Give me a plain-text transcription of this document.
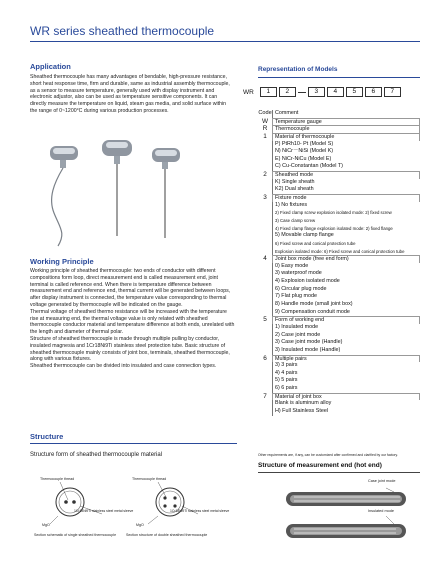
WR series sheathed thermocouple
Application
Sheathed thermocouple has many advantages of bendable, high-pressure resistance, short heat response time, firm and durable, same as industrial assembly thermocouple, as a sensor to measure temperature, generally used with display instrument and electronic adjustor, also can be used as temperature sensitive components. It can directly measure the temperature on liquid, steam gas media, and solid surface within the range of 0~1200°C during various production processes.
Working Principle

Working principle of sheathed thermocouple: two ends of conductor with different compositions form loop, direct measurement end is called measurement end, joint terminal is called reference end. When there is temperature difference between measurement end and reference end, thermal current will be generated between loops, after display instrument is connected, the temperature value corresponding to thermal voltage generated by thermocouple will be indicated on the gauge.

Thermal voltage of sheathed thermo resistance will be increased with the temperature rise at measuring end, the thermal voltage value is only related with sheathed thermocouple conductor material and temperature difference at both ends, unrelated with the length and diameter of thermal polar.

Structure of sheathed thermocouple is made through multiple pulling by conductor, insulated magnesia and 1Cr18Ni9Ti stainless steel protection tube. Basic structure of sheathed thermocouple mainly consists of joint box, terminals, sheathed thermocouple, along with various fixtures.

Sheathed thermocouple can be divided into insulated and case connection types.

Structure
Structure form of sheathed thermocouple material
Thermocouple thread	Thermocouple thread
1Cr18Ni9Ti stainless steel metal sleeve	1Cr18Ni9Ti stainless steel metal sleeve
MgO	MgO
Section schematic of single sheathed thermocouple	Section structure of double sheathed thermocouple
Representation of Models
WR	1	2	3	4	5	6	7
Code Comment
W	Temperature gauge
R	Thermocouple
1	Material of thermocouple
P) PtRh10- Pt (Model S)
N) NiCr－NiSi (Model K)
E) NiCr-NiCu (Model E)
C) Cu-Constantan (Model T)
2	Sheathed mode
K) Single sheath
K2) Dual sheath
3	Fixture mode
1) No fixtures
2) Fixed clamp screw explosion isolated mode: 2) fixed screw
3) Case clamp screw
4) Fixed clamp flange explosion isolated mode: 2) fixed flange
5) Movable clamp flange
6) Fixed screw and conical protection tube
Explosion isolated mode: 6) Fixed screw and conical protection tube
4	Joint box mode (free end form)
0) Easy mode
3) waterproof mode
4) Explosion isolated mode
6) Circular plug mode
7) Flat plug mode
8) Handle mode (small joint box)
9) Compensation conduit mode
5	Form of working end
1) Insulated mode
2) Case joint mode
3) Case joint mode (Handle)
3) Insulated mode (Handle)
6	Multiple pairs
3) 3 pairs
4) 4 pairs
5) 5 pairs
6) 6 pairs
7	Material of joint box
Blank is aluminum alloy
H) Full Stainless Steel
Other requirements are, if any, can be customized after confirmed and clarified by our factory.
Structure of measurement end (hot end)
Case joint mode
Insulated mode
